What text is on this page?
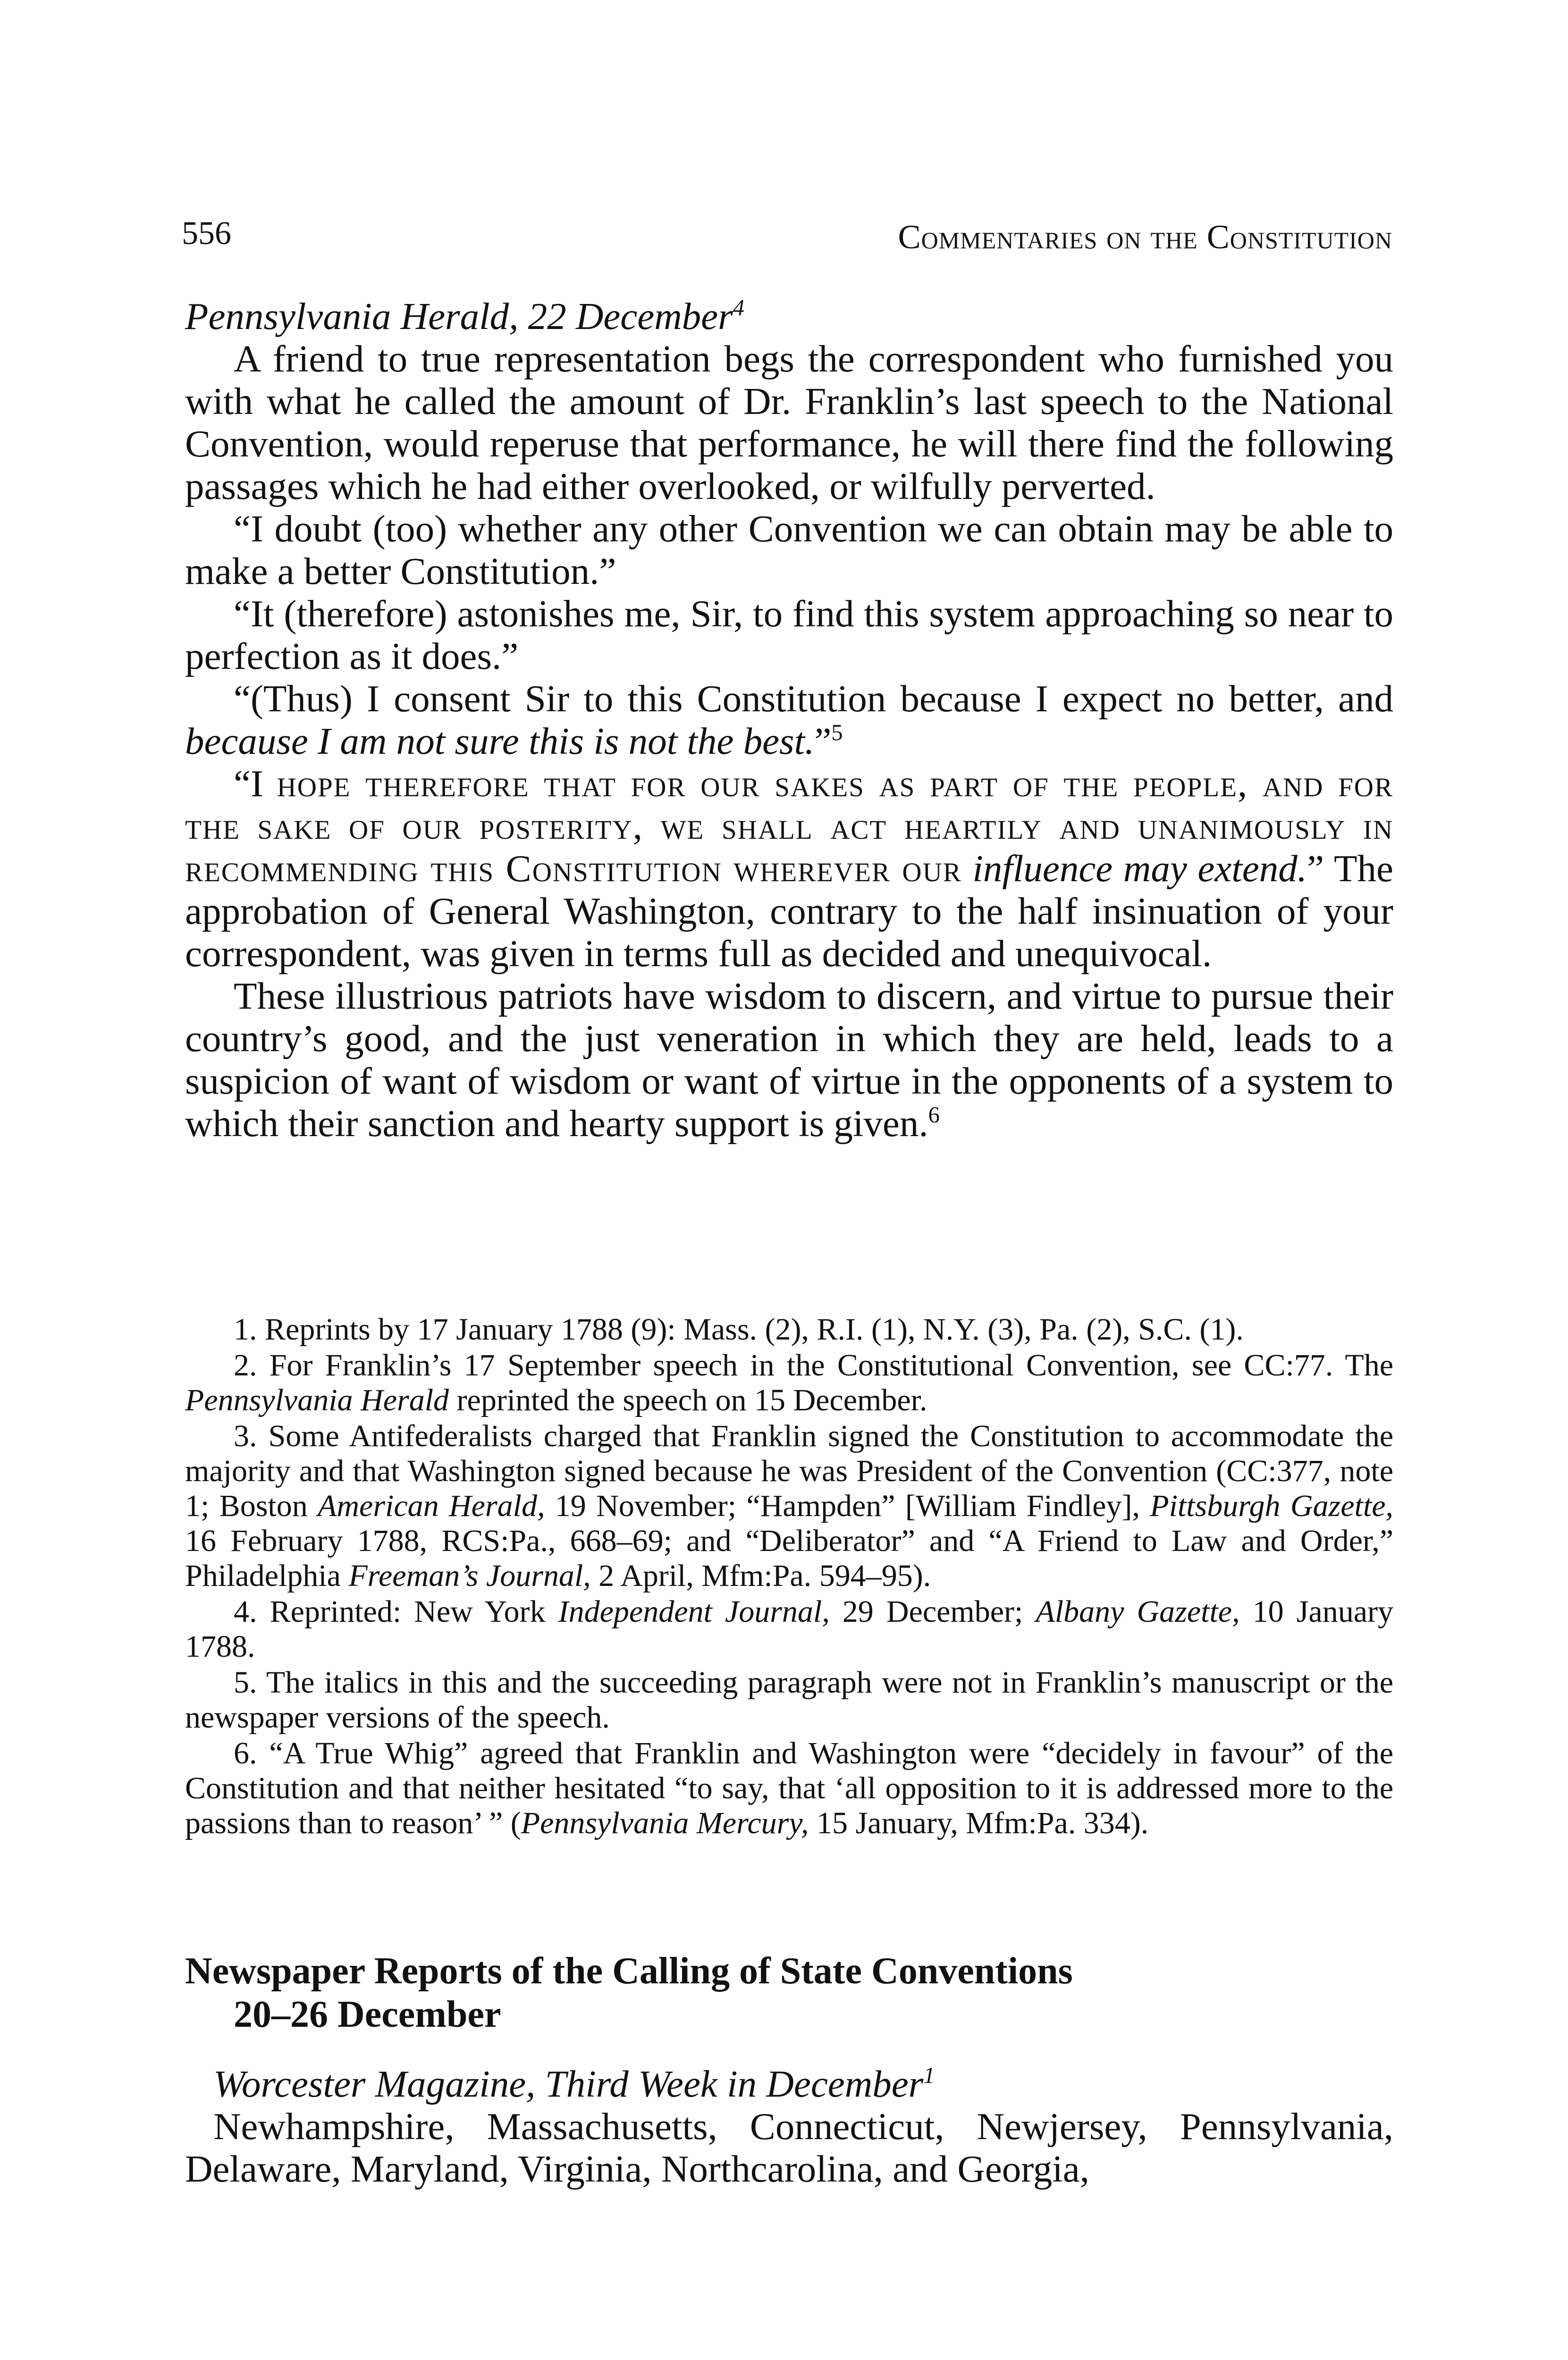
556	Commentaries on the Constitution

Pennsylvania Herald, 22 December$^4$

A friend to true representation begs the correspondent who furnished you with what he called the amount of Dr. Franklin’s last speech to the National Convention, would reperuse that performance, he will there find the following passages which he had either overlooked, or wilfully perverted.

“I doubt (too) whether any other Convention we can obtain may be able to make a better Constitution.”

“It (therefore) astonishes me, Sir, to find this system approaching so near to perfection as it does.”

“(Thus) I consent Sir to this Constitution because I expect no better, and because I am not sure this is not the best.”$^5$

“I hope therefore that for our sakes as part of the people, and for the sake of our posterity, we shall act heartily and unanimously in recommending this Constitution wherever our influence may extend.” The approbation of General Washington, contrary to the half insinuation of your correspondent, was given in terms full as decided and unequivocal.

These illustrious patriots have wisdom to discern, and virtue to pursue their country’s good, and the just veneration in which they are held, leads to a suspicion of want of wisdom or want of virtue in the opponents of a system to which their sanction and hearty support is given.$^6$

1. Reprints by 17 January 1788 (9): Mass. (2), R.I. (1), N.Y. (3), Pa. (2), S.C. (1).

2. For Franklin’s 17 September speech in the Constitutional Convention, see CC:77. The Pennsylvania Herald reprinted the speech on 15 December.

3. Some Antifederalists charged that Franklin signed the Constitution to accommodate the majority and that Washington signed because he was President of the Convention (CC:377, note 1; Boston American Herald, 19 November; “Hampden” [William Findley], Pittsburgh Gazette, 16 February 1788, RCS:Pa., 668–69; and “Deliberator” and “A Friend to Law and Order,” Philadelphia Freeman’s Journal, 2 April, Mfm:Pa. 594–95).

4. Reprinted: New York Independent Journal, 29 December; Albany Gazette, 10 January 1788.

5. The italics in this and the succeeding paragraph were not in Franklin’s manuscript or the newspaper versions of the speech.

6. “A True Whig” agreed that Franklin and Washington were “decidely in favour” of the Constitution and that neither hesitated “to say, that ‘all opposition to it is addressed more to the passions than to reason’ ” (Pennsylvania Mercury, 15 January, Mfm:Pa. 334).

Newspaper Reports of the Calling of State Conventions
20–26 December

Worcester Magazine, Third Week in December$^1$

Newhampshire, Massachusetts, Connecticut, Newjersey, Pennsylvania, Delaware, Maryland, Virginia, Northcarolina, and Georgia,
